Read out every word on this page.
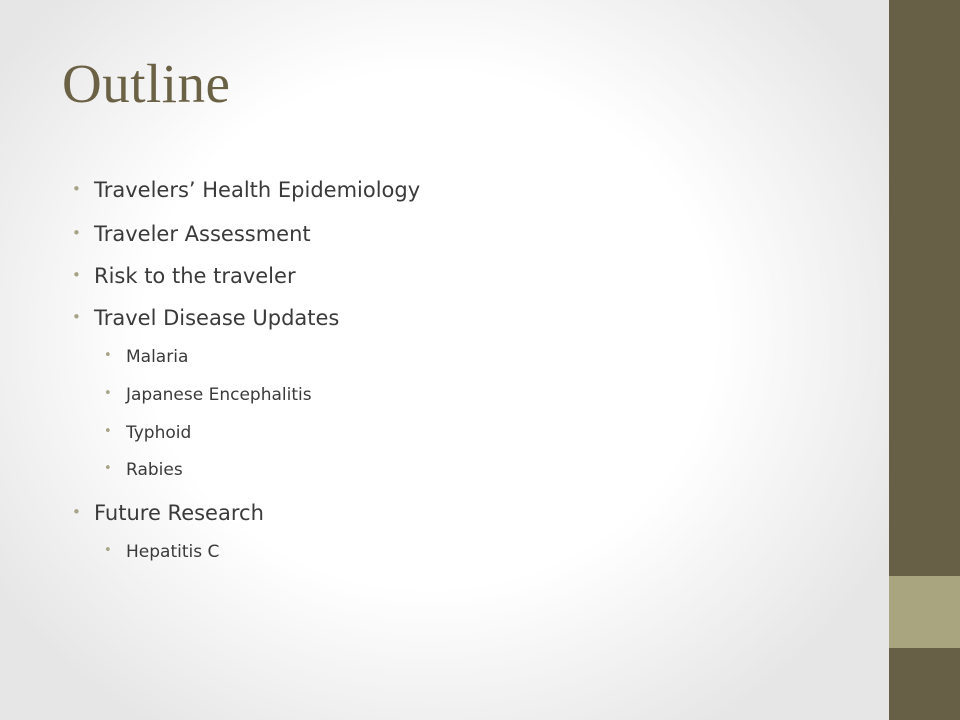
Outline
• Travelers’ Health Epidemiology
• Traveler Assessment
• Risk to the traveler
• Travel Disease Updates
• Malaria
• Japanese Encephalitis
• Typhoid
• Rabies
• Future Research
• Hepatitis C
